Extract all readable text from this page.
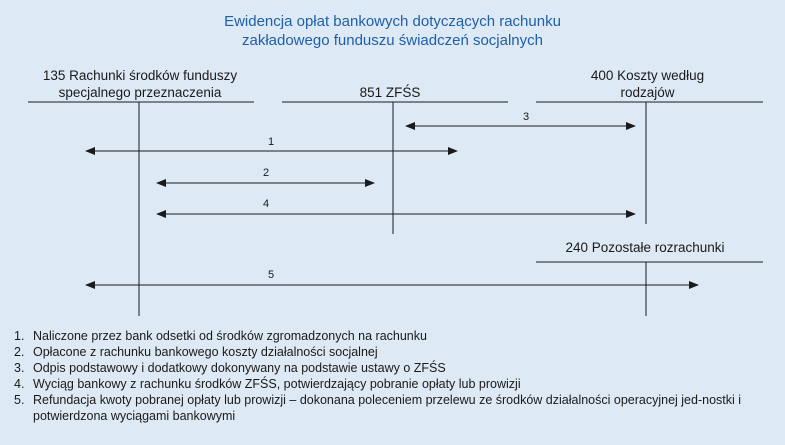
Ewidencja opłat bankowych dotyczących rachunku
zakładowego funduszu świadczeń socjalnych
135 Rachunki środków funduszy
specjalnego przeznaczenia	851 ZFŚS
400 Koszty według
rodzajów
240 Pozostałe rozrachunki
1
2
3
4
5
1. Naliczone przez bank odsetki od środków zgromadzonych na rachunku
2. Opłacone z rachunku bankowego koszty działalności socjalnej
3. Odpis podstawowy i dodatkowy dokonywany na podstawie ustawy o ZFŚS
4. Wyciąg bankowy z rachunku środków ZFŚS, potwierdzający pobranie opłaty lub prowizji
5. Refundacja kwoty pobranej opłaty lub prowizji – dokonana poleceniem przelewu ze środków działalności operacyjnej jed-nostki i potwierdzona wyciągami bankowymi
